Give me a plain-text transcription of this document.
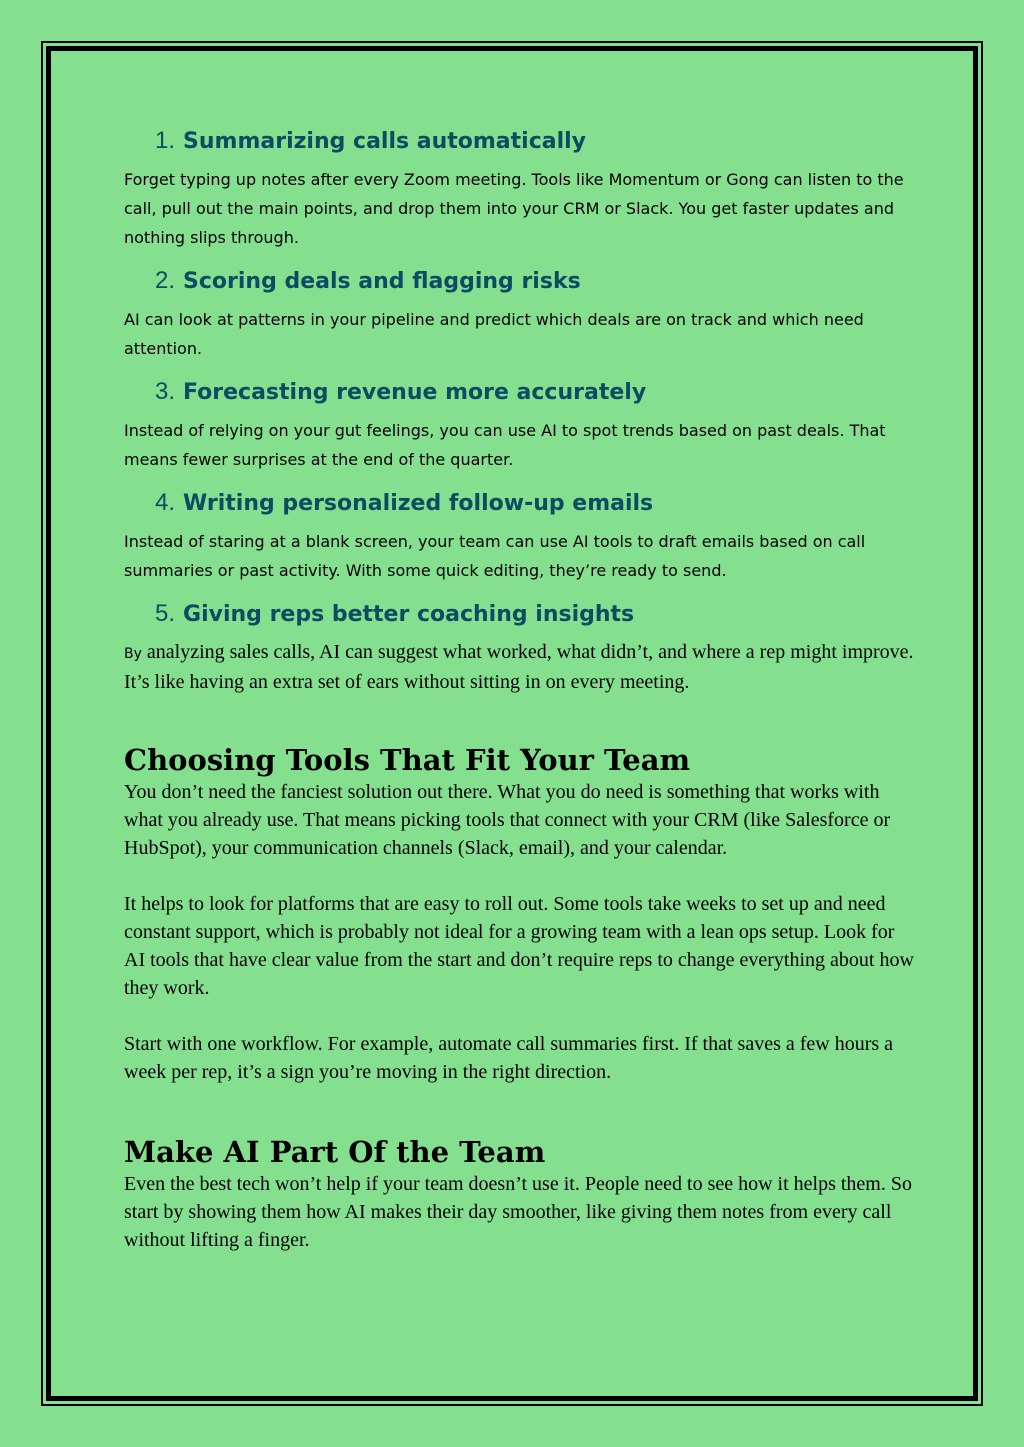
1. Summarizing calls automatically

Forget typing up notes after every Zoom meeting. Tools like Momentum or Gong can listen to the call, pull out the main points, and drop them into your CRM or Slack. You get faster updates and nothing slips through.

2. Scoring deals and flagging risks

AI can look at patterns in your pipeline and predict which deals are on track and which need attention.

3. Forecasting revenue more accurately

Instead of relying on your gut feelings, you can use AI to spot trends based on past deals. That means fewer surprises at the end of the quarter.

4. Writing personalized follow-up emails

Instead of staring at a blank screen, your team can use AI tools to draft emails based on call summaries or past activity. With some quick editing, they’re ready to send.

5. Giving reps better coaching insights

By analyzing sales calls, AI can suggest what worked, what didn’t, and where a rep might improve. It’s like having an extra set of ears without sitting in on every meeting.

Choosing Tools That Fit Your Team

You don’t need the fanciest solution out there. What you do need is something that works with what you already use. That means picking tools that connect with your CRM (like Salesforce or HubSpot), your communication channels (Slack, email), and your calendar.

It helps to look for platforms that are easy to roll out. Some tools take weeks to set up and need constant support, which is probably not ideal for a growing team with a lean ops setup. Look for AI tools that have clear value from the start and don’t require reps to change everything about how they work.

Start with one workflow. For example, automate call summaries first. If that saves a few hours a week per rep, it’s a sign you’re moving in the right direction.

Make AI Part Of the Team

Even the best tech won’t help if your team doesn’t use it. People need to see how it helps them. So start by showing them how AI makes their day smoother, like giving them notes from every call without lifting a finger.
